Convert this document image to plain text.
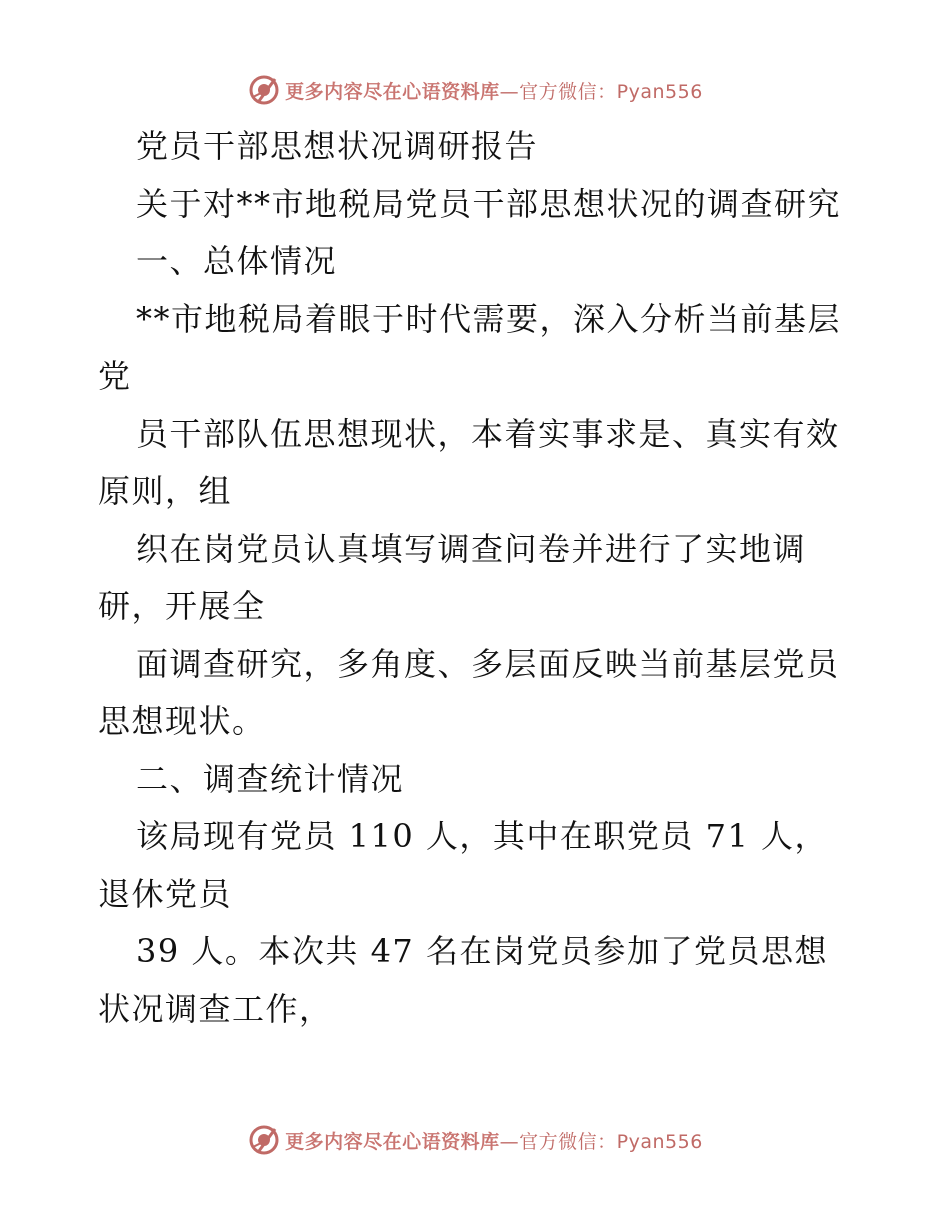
更多内容尽在心语资料库—官方微信：Pyan556
党员干部思想状况调研报告
关于对**市地税局党员干部思想状况的调查研究
一、总体情况
**市地税局着眼于时代需要，深入分析当前基层
党
员干部队伍思想现状，本着实事求是、真实有效
原则，组
织在岗党员认真填写调查问卷并进行了实地调
研，开展全
面调查研究，多角度、多层面反映当前基层党员
思想现状。
二、调查统计情况
该局现有党员 110 人，其中在职党员 71 人，
退休党员
39 人。本次共 47 名在岗党员参加了党员思想
状况调查工作，
更多内容尽在心语资料库—官方微信：Pyan556
